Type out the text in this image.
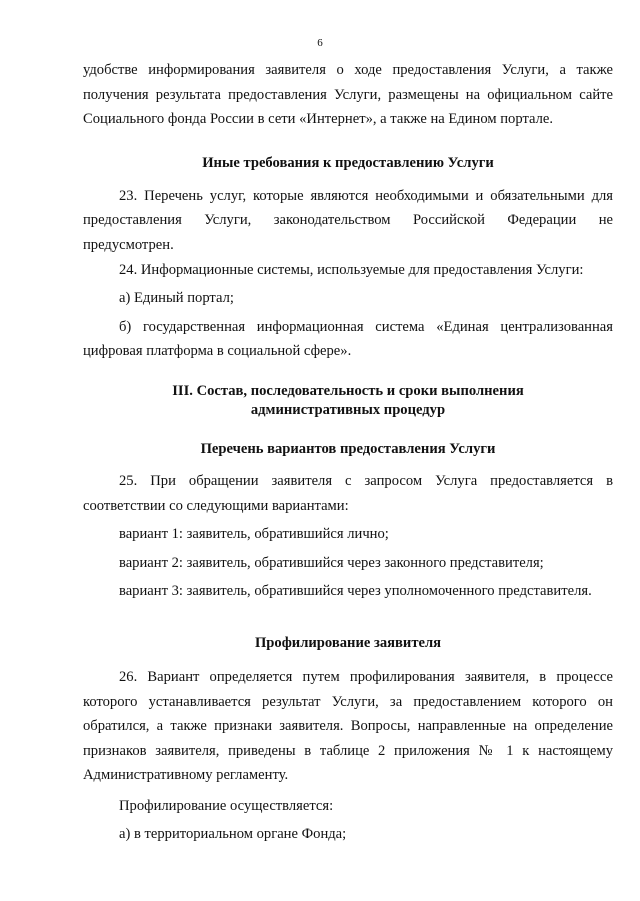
6

удобстве информирования заявителя о ходе предоставления Услуги, а также получения результата предоставления Услуги, размещены на официальном сайте Социального фонда России в сети «Интернет», а также на Едином портале.

Иные требования к предоставлению Услуги

23. Перечень услуг, которые являются необходимыми и обязательными для предоставления Услуги, законодательством Российской Федерации не предусмотрен.

24. Информационные системы, используемые для предоставления Услуги:

а) Единый портал;

б) государственная информационная система «Единая централизованная цифровая платформа в социальной сфере».

III. Состав, последовательность и сроки выполнения
административных процедур

Перечень вариантов предоставления Услуги

25. При обращении заявителя с запросом Услуга предоставляется в соответствии со следующими вариантами:

вариант 1: заявитель, обратившийся лично;

вариант 2: заявитель, обратившийся через законного представителя;

вариант 3: заявитель, обратившийся через уполномоченного представителя.

Профилирование заявителя

26. Вариант определяется путем профилирования заявителя, в процессе которого устанавливается результат Услуги, за предоставлением которого он обратился, а также признаки заявителя. Вопросы, направленные на определение признаков заявителя, приведены в таблице 2 приложения № 1 к настоящему Административному регламенту.

Профилирование осуществляется:

а) в территориальном органе Фонда;
